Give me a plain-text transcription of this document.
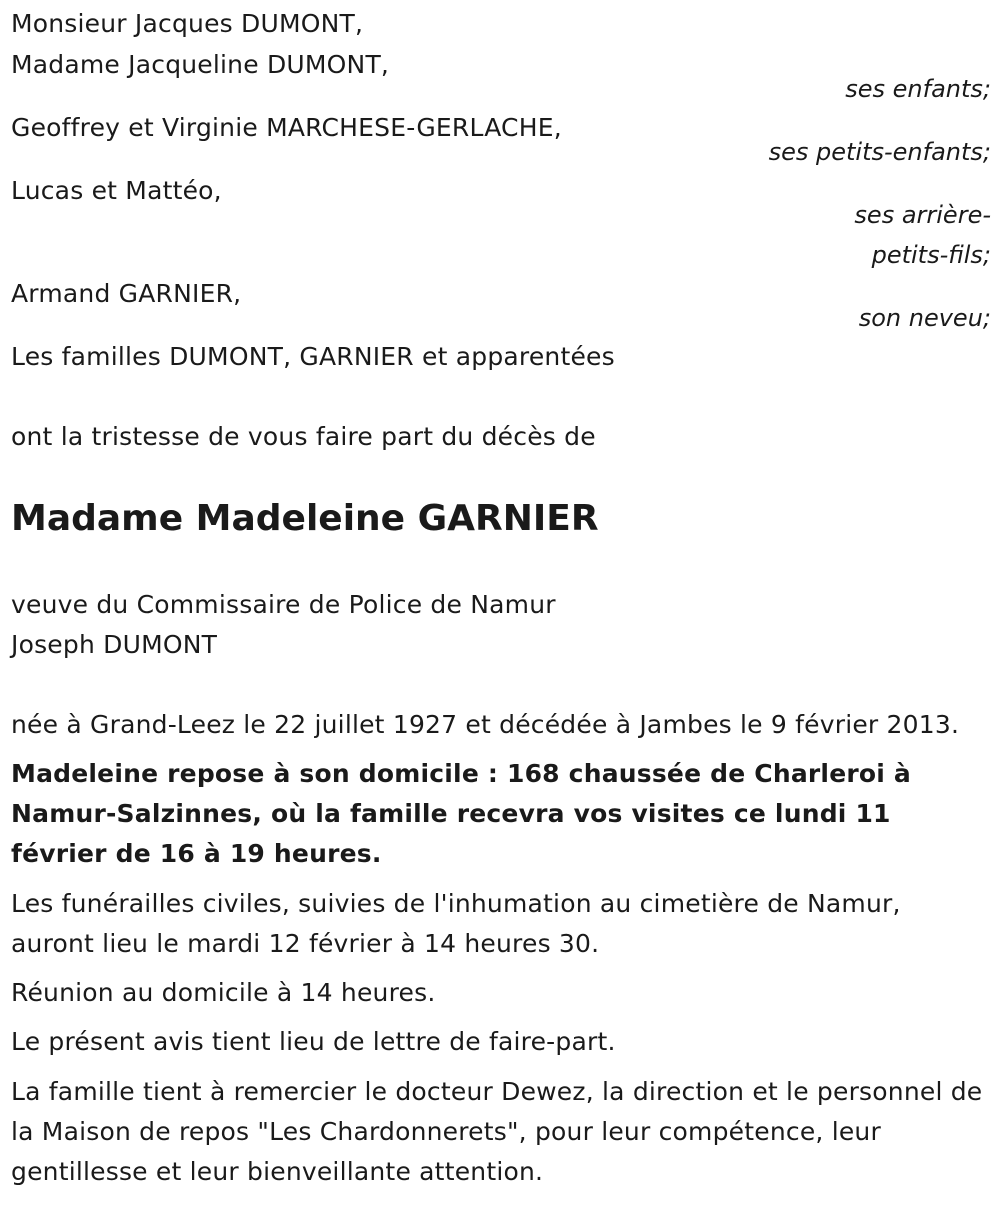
Monsieur Jacques DUMONT,
Madame Jacqueline DUMONT,
ses enfants;
Geoffrey et Virginie MARCHESE-GERLACHE,
ses petits-enfants;
Lucas et Mattéo,
ses arrière-
petits-fils;
Armand GARNIER,
son neveu;
Les familles DUMONT, GARNIER et apparentées
ont la tristesse de vous faire part du décès de
Madame Madeleine GARNIER
veuve du Commissaire de Police de Namur
Joseph DUMONT
née à Grand-Leez le 22 juillet 1927 et décédée à Jambes le 9 février 2013.
Madeleine repose à son domicile : 168 chaussée de Charleroi à Namur-Salzinnes, où la famille recevra vos visites ce lundi 11 février de 16 à 19 heures.
Les funérailles civiles, suivies de l'inhumation au cimetière de Namur, auront lieu le mardi 12 février à 14 heures 30.
Réunion au domicile à 14 heures.
Le présent avis tient lieu de lettre de faire-part.
La famille tient à remercier le docteur Dewez, la direction et le personnel de la Maison de repos "Les Chardonnerets", pour leur compétence, leur gentillesse et leur bienveillante attention.
